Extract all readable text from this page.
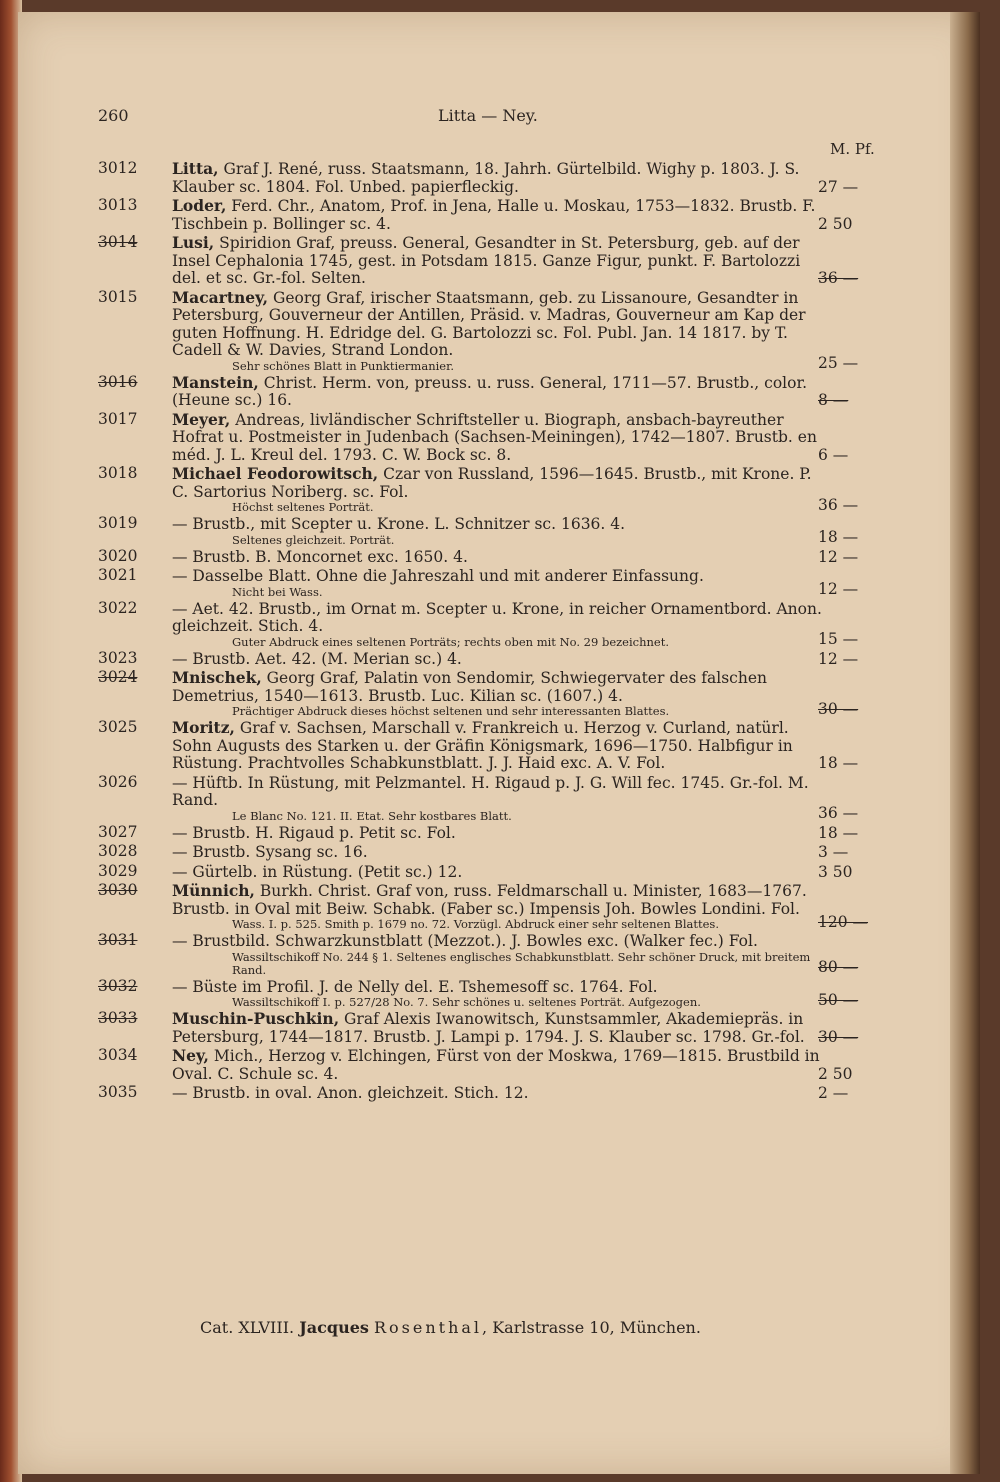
260	Litta — Ney.
M. Pf.
3012	Litta, Graf J. René, russ. Staatsmann, 18. Jahrh. Gürtelbild. Wighy p. 1803. J. S. Klauber sc. 1804. Fol. Unbed. papierfleckig.	27 —
3013	Loder, Ferd. Chr., Anatom, Prof. in Jena, Halle u. Moskau, 1753—1832. Brustb. F. Tischbein p. Bollinger sc. 4.	2 50
3014	Lusi, Spiridion Graf, preuss. General, Gesandter in St. Petersburg, geb. auf der Insel Cephalonia 1745, gest. in Potsdam 1815. Ganze Figur, punkt. F. Bartolozzi del. et sc. Gr.-fol. Selten.	36 —
3015	Macartney, Georg Graf, irischer Staatsmann, geb. zu Lissanoure, Gesandter in Petersburg, Gouverneur der Antillen, Präsid. v. Madras, Gouverneur am Kap der guten Hoffnung. H. Edridge del. G. Bartolozzi sc. Fol. Publ. Jan. 14 1817. by T. Cadell & W. Davies, Strand London.
Sehr schönes Blatt in Punktiermanier.	25 —
3016	Manstein, Christ. Herm. von, preuss. u. russ. General, 1711—57. Brustb., color. (Heune sc.) 16.	8 —
3017	Meyer, Andreas, livländischer Schriftsteller u. Biograph, ansbach-bayreuther Hofrat u. Postmeister in Judenbach (Sachsen-Meiningen), 1742—1807. Brustb. en méd. J. L. Kreul del. 1793. C. W. Bock sc. 8.	6 —
3018	Michael Feodorowitsch, Czar von Russland, 1596—1645. Brustb., mit Krone. P. C. Sartorius Noriberg. sc. Fol.
Höchst seltenes Porträt.	36 —
3019	— Brustb., mit Scepter u. Krone. L. Schnitzer sc. 1636. 4.
Seltenes gleichzeit. Porträt.	18 —
3020	— Brustb. B. Moncornet exc. 1650. 4.	12 —
3021	— Dasselbe Blatt. Ohne die Jahreszahl und mit anderer Einfassung.
Nicht bei Wass.	12 —
3022	— Aet. 42. Brustb., im Ornat m. Scepter u. Krone, in reicher Ornamentbord. Anon. gleichzeit. Stich. 4.
Guter Abdruck eines seltenen Porträts; rechts oben mit No. 29 bezeichnet.	15 —
3023	— Brustb. Aet. 42. (M. Merian sc.) 4.	12 —
3024	Mnischek, Georg Graf, Palatin von Sendomir, Schwiegervater des falschen Demetrius, 1540—1613. Brustb. Luc. Kilian sc. (1607.) 4.
Prächtiger Abdruck dieses höchst seltenen und sehr interessanten Blattes.	30 —
3025	Moritz, Graf v. Sachsen, Marschall v. Frankreich u. Herzog v. Curland, natürl. Sohn Augusts des Starken u. der Gräfin Königsmark, 1696—1750. Halbfigur in Rüstung. Prachtvolles Schabkunstblatt. J. J. Haid exc. A. V. Fol.	18 —
3026	— Hüftb. In Rüstung, mit Pelzmantel. H. Rigaud p. J. G. Will fec. 1745. Gr.-fol. M. Rand.
Le Blanc No. 121. II. Etat. Sehr kostbares Blatt.	36 —
3027	— Brustb. H. Rigaud p. Petit sc. Fol.	18 —
3028	— Brustb. Sysang sc. 16.	3 —
3029	— Gürtelb. in Rüstung. (Petit sc.) 12.	3 50
3030	Münnich, Burkh. Christ. Graf von, russ. Feldmarschall u. Minister, 1683—1767. Brustb. in Oval mit Beiw. Schabk. (Faber sc.) Impensis Joh. Bowles Londini. Fol.
Wass. I. p. 525. Smith p. 1679 no. 72. Vorzügl. Abdruck einer sehr seltenen Blattes.	120 —
3031	— Brustbild. Schwarzkunstblatt (Mezzot.). J. Bowles exc. (Walker fec.) Fol.
Wassiltschikoff No. 244 § 1. Seltenes englisches Schabkunstblatt. Sehr schöner Druck, mit breitem Rand.	80 —
3032	— Büste im Profil. J. de Nelly del. E. Tshemesoff sc. 1764. Fol.
Wassiltschikoff I. p. 527/28 No. 7. Sehr schönes u. seltenes Porträt. Aufgezogen.	50 —
3033	Muschin-Puschkin, Graf Alexis Iwanowitsch, Kunstsammler, Akademiepräs. in Petersburg, 1744—1817. Brustb. J. Lampi p. 1794. J. S. Klauber sc. 1798. Gr.-fol. 30 —
3034	Ney, Mich., Herzog v. Elchingen, Fürst von der Moskwa, 1769—1815. Brustbild in Oval. C. Schule sc. 4.	2 50
3035	— Brustb. in oval. Anon. gleichzeit. Stich. 12.	2 —
Cat. XLVIII. Jacques Rosenthal, Karlstrasse 10, München.
